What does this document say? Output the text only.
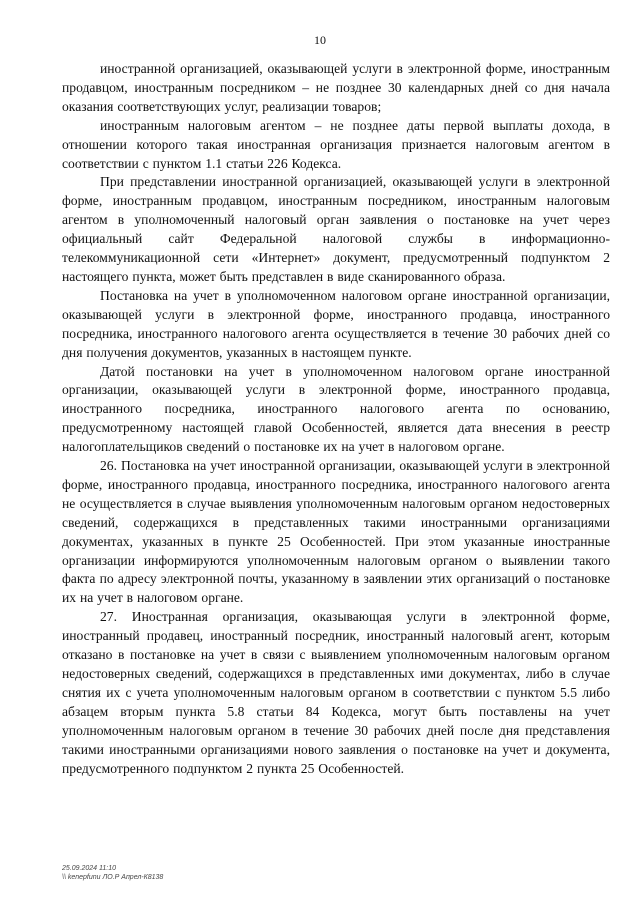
10

иностранной организацией, оказывающей услуги в электронной форме, иностранным продавцом, иностранным посредником – не позднее 30 календарных дней со дня начала оказания соответствующих услуг, реализации товаров;

иностранным налоговым агентом – не позднее даты первой выплаты дохода, в отношении которого такая иностранная организация признается налоговым агентом в соответствии с пунктом 1.1 статьи 226 Кодекса.

При представлении иностранной организацией, оказывающей услуги в электронной форме, иностранным продавцом, иностранным посредником, иностранным налоговым агентом в уполномоченный налоговый орган заявления о постановке на учет через официальный сайт Федеральной налоговой службы в информационно-телекоммуникационной сети «Интернет» документ, предусмотренный подпунктом 2 настоящего пункта, может быть представлен в виде сканированного образа.

Постановка на учет в уполномоченном налоговом органе иностранной организации, оказывающей услуги в электронной форме, иностранного продавца, иностранного посредника, иностранного налогового агента осуществляется в течение 30 рабочих дней со дня получения документов, указанных в настоящем пункте.

Датой постановки на учет в уполномоченном налоговом органе иностранной организации, оказывающей услуги в электронной форме, иностранного продавца, иностранного посредника, иностранного налогового агента по основанию, предусмотренному настоящей главой Особенностей, является дата внесения в реестр налогоплательщиков сведений о постановке их на учет в налоговом органе.

26. Постановка на учет иностранной организации, оказывающей услуги в электронной форме, иностранного продавца, иностранного посредника, иностранного налогового агента не осуществляется в случае выявления уполномоченным налоговым органом недостоверных сведений, содержащихся в представленных такими иностранными организациями документах, указанных в пункте 25 Особенностей. При этом указанные иностранные организации информируются уполномоченным налоговым органом о выявлении такого факта по адресу электронной почты, указанному в заявлении этих организаций о постановке их на учет в налоговом органе.

27. Иностранная организация, оказывающая услуги в электронной форме, иностранный продавец, иностранный посредник, иностранный налоговый агент, которым отказано в постановке на учет в связи с выявлением уполномоченным налоговым органом недостоверных сведений, содержащихся в представленных ими документах, либо в случае снятия их с учета уполномоченным налоговым органом в соответствии с пунктом 5.5 либо абзацем вторым пункта 5.8 статьи 84 Кодекса, могут быть поставлены на учет уполномоченным налоговым органом в течение 30 рабочих дней после дня представления такими иностранными организациями нового заявления о постановке на учет и документа, предусмотренного подпунктом 2 пункта 25 Особенностей.

25.09.2024 11:10
\\ kenepfunu ЛО.Р Апрел-К8138
